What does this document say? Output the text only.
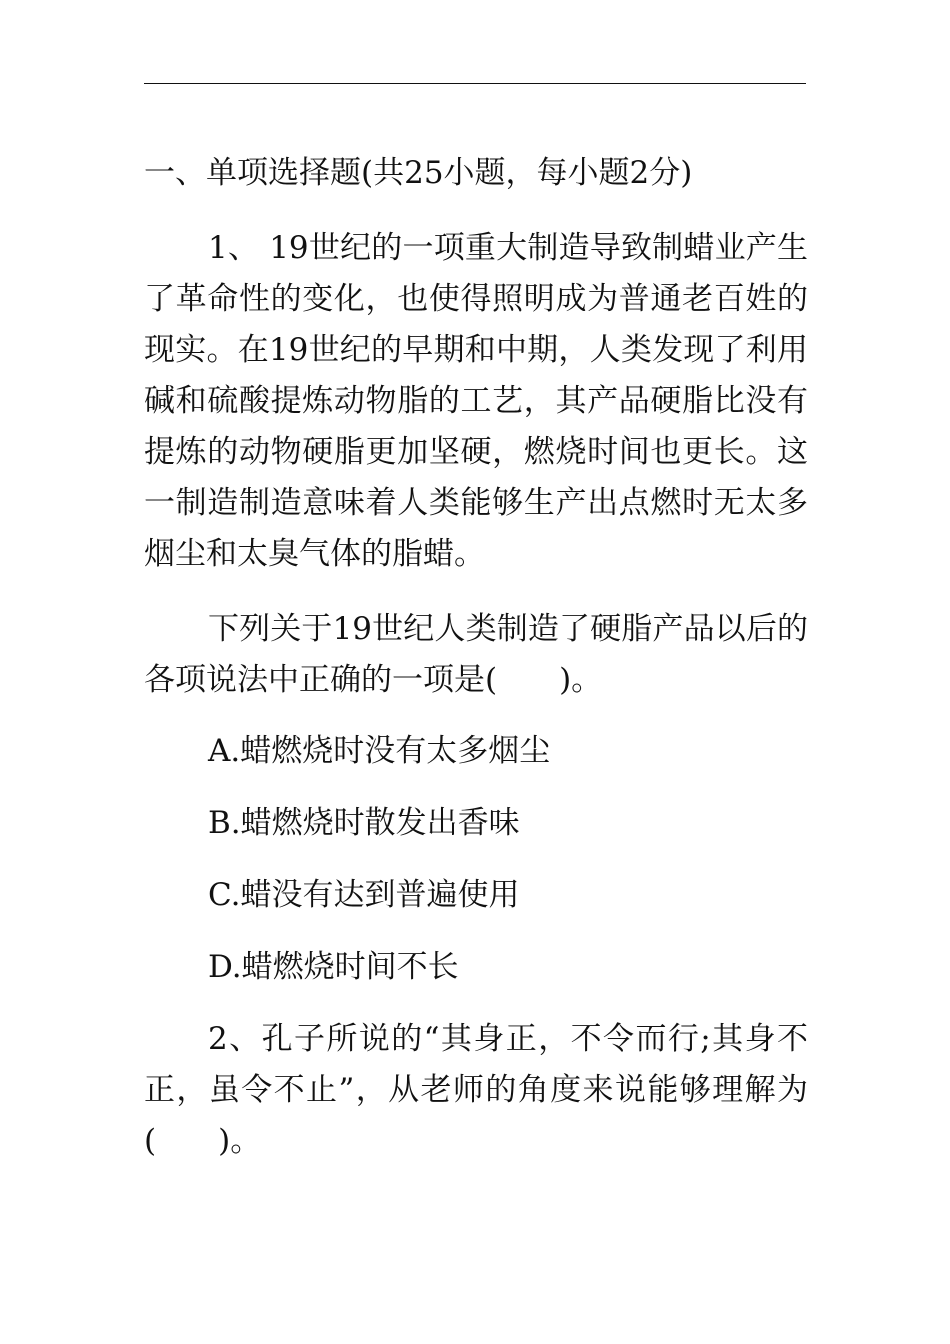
一、单项选择题(共25小题，每小题2分)

1、 19世纪的一项重大制造导致制蜡业产生了革命性的变化，也使得照明成为普通老百姓的现实。在19世纪的早期和中期，人类发现了利用碱和硫酸提炼动物脂的工艺，其产品硬脂比没有提炼的动物硬脂更加坚硬，燃烧时间也更长。这一制造制造意味着人类能够生产出点燃时无太多烟尘和太臭气体的脂蜡。

下列关于19世纪人类制造了硬脂产品以后的各项说法中正确的一项是(　　)。

A.蜡燃烧时没有太多烟尘

B.蜡燃烧时散发出香味

C.蜡没有达到普遍使用

D.蜡燃烧时间不长

2、孔子所说的“其身正，不令而行;其身不正，虽令不止”，从老师的角度来说能够理解为(　　)。
